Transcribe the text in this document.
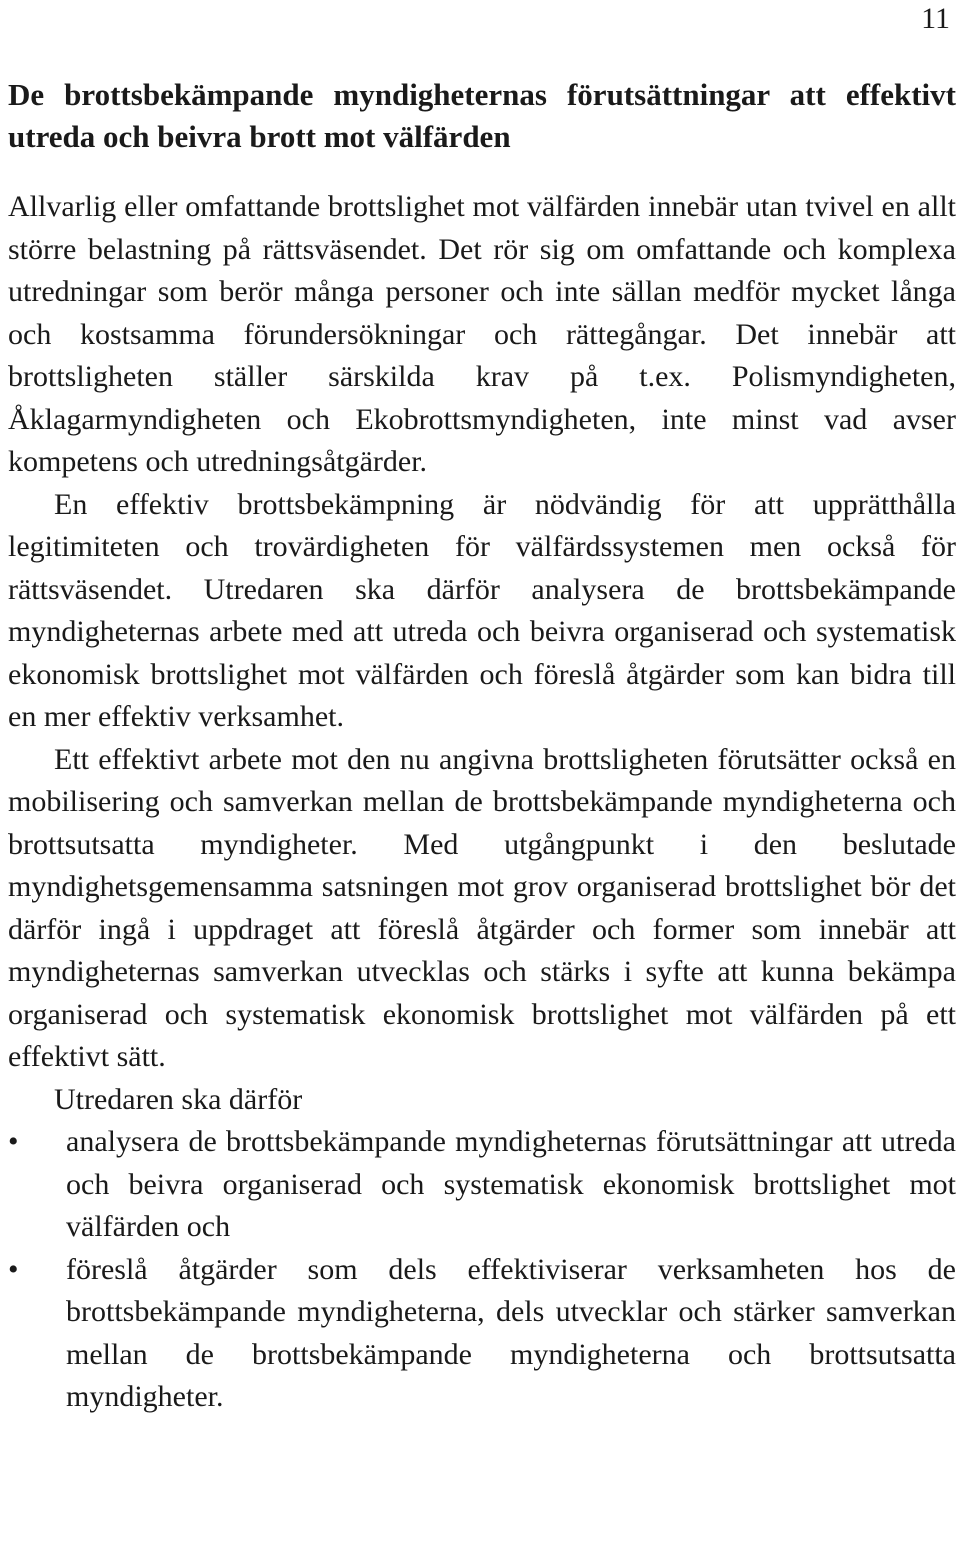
11
De brottsbekämpande myndigheternas förutsättningar att effektivt utreda och beivra brott mot välfärden

Allvarlig eller omfattande brottslighet mot välfärden innebär utan tvivel en allt större belastning på rättsväsendet. Det rör sig om omfattande och komplexa utredningar som berör många personer och inte sällan medför mycket långa och kostsamma förundersökningar och rättegångar. Det innebär att brottsligheten ställer särskilda krav på t.ex. Polismyndigheten, Åklagarmyndigheten och Ekobrottsmyndigheten, inte minst vad avser kompetens och utredningsåtgärder.

En effektiv brottsbekämpning är nödvändig för att upprätthålla legitimiteten och trovärdigheten för välfärdssystemen men också för rättsväsendet. Utredaren ska därför analysera de brottsbekämpande myndigheternas arbete med att utreda och beivra organiserad och systematisk ekonomisk brottslighet mot välfärden och föreslå åtgärder som kan bidra till en mer effektiv verksamhet.

Ett effektivt arbete mot den nu angivna brottsligheten förutsätter också en mobilisering och samverkan mellan de brottsbekämpande myndigheterna och brottsutsatta myndigheter. Med utgångpunkt i den beslutade myndighetsgemensamma satsningen mot grov organiserad brottslighet bör det därför ingå i uppdraget att föreslå åtgärder och former som innebär att myndigheternas samverkan utvecklas och stärks i syfte att kunna bekämpa organiserad och systematisk ekonomisk brottslighet mot välfärden på ett effektivt sätt.

Utredaren ska därför

•	analysera de brottsbekämpande myndigheternas förutsättningar att utreda och beivra organiserad och systematisk ekonomisk brottslighet mot välfärden och
•	föreslå åtgärder som dels effektiviserar verksamheten hos de brottsbekämpande myndigheterna, dels utvecklar och stärker samverkan mellan de brottsbekämpande myndigheterna och brottsutsatta myndigheter.
